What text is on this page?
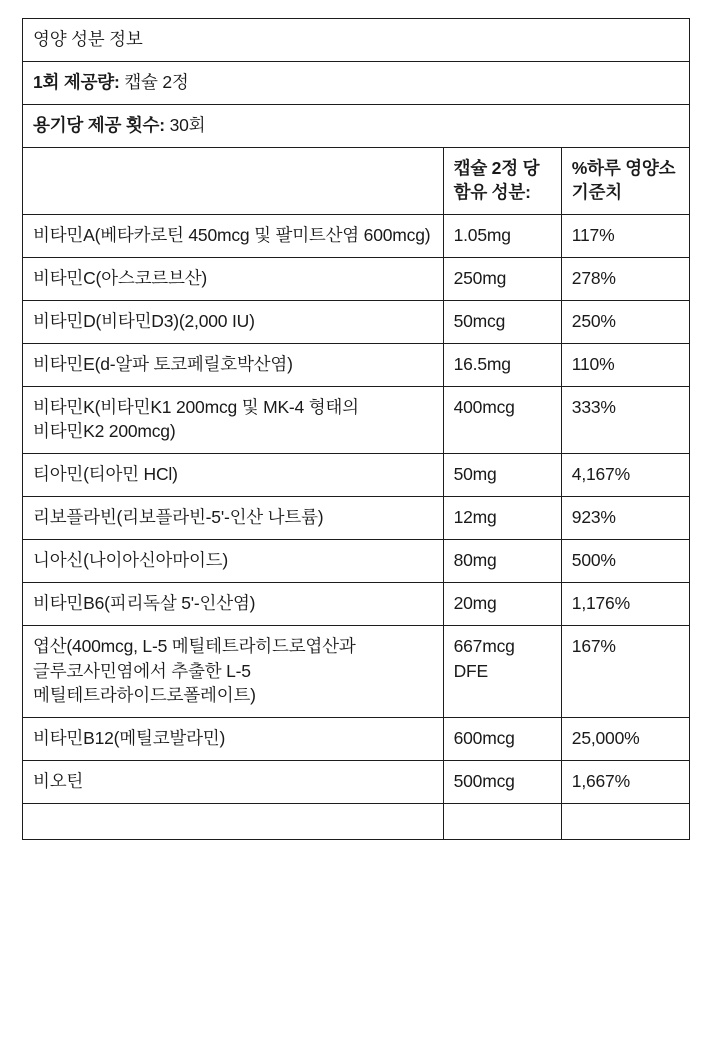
영양 성분 정보		
1회 제공량: 캡슐 2정		
용기당 제공 횟수: 30회		
	캡슐 2정 당 함유 성분:	%하루 영양소 기준치
비타민A(베타카로틴 450mcg 및 팔미트산염 600mcg)	1.05mg	117%
비타민C(아스코르브산)	250mg	278%
비타민D(비타민D3)(2,000 IU)	50mcg	250%
비타민E(d-알파 토코페릴호박산염)	16.5mg	110%
비타민K(비타민K1 200mcg 및 MK-4 형태의 비타민K2 200mcg)	400mcg	333%
티아민(티아민 HCl)	50mg	4,167%
리보플라빈(리보플라빈-5'-인산 나트륨)	12mg	923%
니아신(나이아신아마이드)	80mg	500%
비타민B6(피리독살 5'-인산염)	20mg	1,176%
엽산(400mcg, L-5 메틸테트라히드로엽산과 글루코사민염에서 추출한 L-5 메틸테트라하이드로폴레이트)	667mcg DFE	167%
비타민B12(메틸코발라민)	600mcg	25,000%
비오틴	500mcg	1,667%
